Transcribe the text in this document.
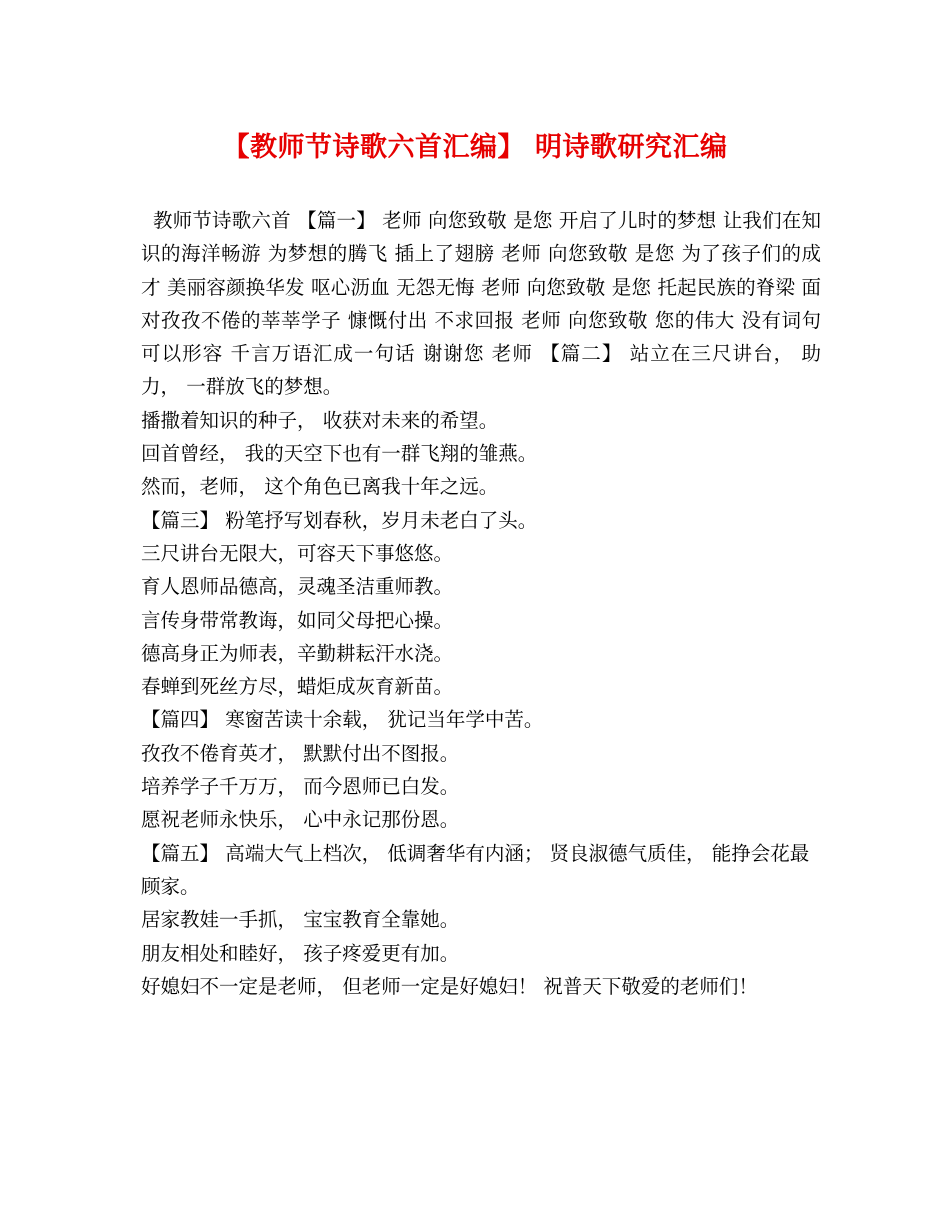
【教师节诗歌六首汇编】 明诗歌研究汇编

教师节诗歌六首 【篇一】 老师 向您致敬 是您 开启了儿时的梦想 让我们在知识的海洋畅游 为梦想的腾飞 插上了翅膀 老师 向您致敬 是您 为了孩子们的成才 美丽容颜换华发 呕心沥血 无怨无悔 老师 向您致敬 是您 托起民族的脊梁 面对孜孜不倦的莘莘学子 慷慨付出 不求回报 老师 向您致敬 您的伟大 没有词句可以形容 千言万语汇成一句话 谢谢您 老师 【篇二】 站立在三尺讲台， 助力， 一群放飞的梦想。

播撒着知识的种子， 收获对未来的希望。

回首曾经， 我的天空下也有一群飞翔的雏燕。

然而，老师， 这个角色已离我十年之远。

【篇三】 粉笔抒写划春秋，岁月未老白了头。

三尺讲台无限大，可容天下事悠悠。

育人恩师品德高，灵魂圣洁重师教。

言传身带常教诲，如同父母把心操。

德高身正为师表，辛勤耕耘汗水浇。

春蝉到死丝方尽，蜡炬成灰育新苗。

【篇四】 寒窗苦读十余载， 犹记当年学中苦。

孜孜不倦育英才， 默默付出不图报。

培养学子千万万， 而今恩师已白发。

愿祝老师永快乐， 心中永记那份恩。

【篇五】 高端大气上档次， 低调奢华有内涵； 贤良淑德气质佳， 能挣会花最顾家。

居家教娃一手抓， 宝宝教育全靠她。

朋友相处和睦好， 孩子疼爱更有加。

好媳妇不一定是老师， 但老师一定是好媳妇！ 祝普天下敬爱的老师们！
